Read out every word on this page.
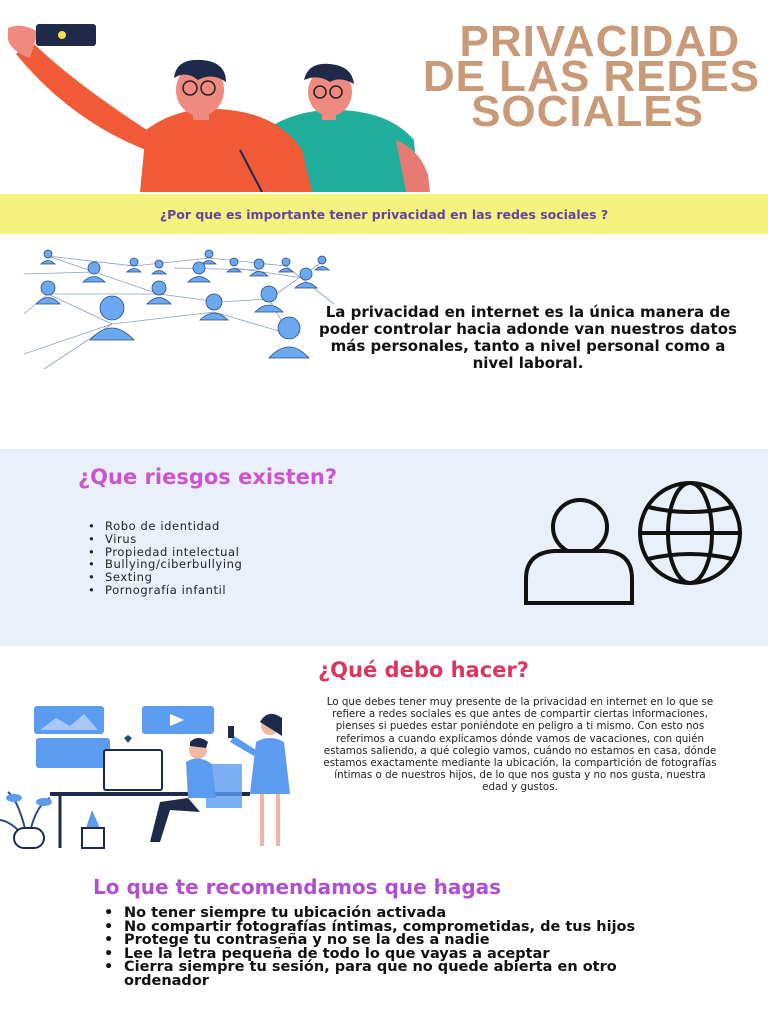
PRIVACIDAD
DE LAS REDES
SOCIALES
¿Por que es importante tener privacidad en las redes sociales ?
La privacidad en internet es la única manera de poder controlar hacia adonde van nuestros datos más personales, tanto a nivel personal como a nivel laboral.
¿Que riesgos existen?
• Robo de identidad
• Virus
• Propiedad intelectual
• Bullying/ciberbullying
• Sexting
• Pornografía infantil
¿Qué debo hacer?
Lo que debes tener muy presente de la privacidad en internet en lo que se refiere a redes sociales es que antes de compartir ciertas informaciones, pienses si puedes estar poniéndote en peligro a ti mismo. Con esto nos referimos a cuando explicamos dónde vamos de vacaciones, con quién estamos saliendo, a qué colegio vamos, cuándo no estamos en casa, dónde estamos exactamente mediante la ubicación, la compartición de fotografías íntimas o de nuestros hijos, de lo que nos gusta y no nos gusta, nuestra edad y gustos.
Lo que te recomendamos que hagas
• No tener siempre tu ubicación activada
• No compartir fotografías íntimas, comprometidas, de tus hijos
• Protege tu contraseña y no se la des a nadie
• Lee la letra pequeña de todo lo que vayas a aceptar
• Cierra siempre tu sesión, para que no quede abierta en otro ordenador
